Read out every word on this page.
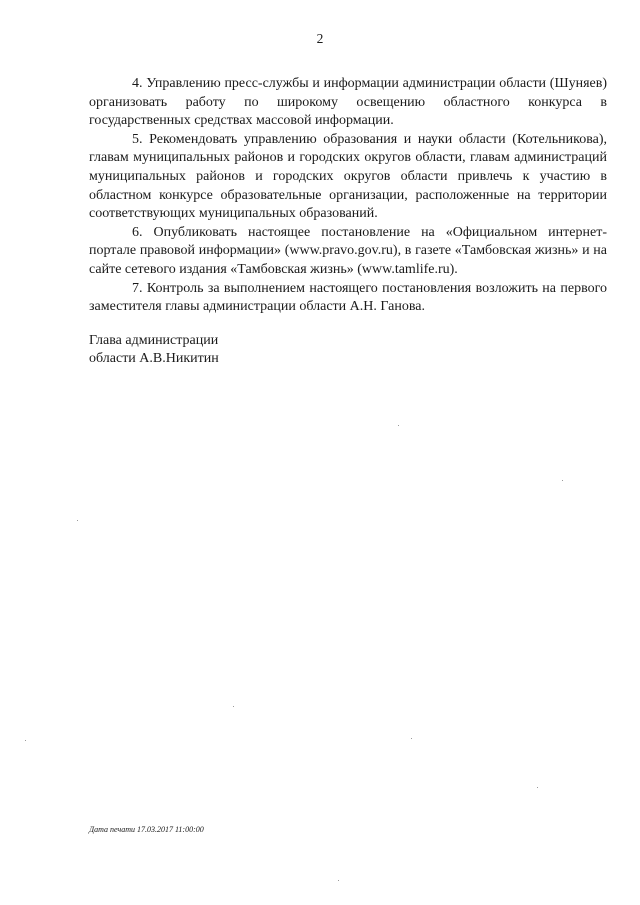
2

4. Управлению пресс-службы и информации администрации области (Шуняев) организовать работу по широкому освещению областного конкурса в государственных средствах массовой информации.

5. Рекомендовать управлению образования и науки области (Котельникова), главам муниципальных районов и городских округов области, главам администраций муниципальных районов и городских округов области привлечь к участию в областном конкурсе образовательные организации, расположенные на территории соответствующих муниципальных образований.

6. Опубликовать настоящее постановление на «Официальном интернет-портале правовой информации» (www.pravo.gov.ru), в газете «Тамбовская жизнь» и на сайте сетевого издания «Тамбовская жизнь» (www.tamlife.ru).

7. Контроль за выполнением настоящего постановления возложить на первого заместителя главы администрации области А.Н. Ганова.

Глава администрации
области А.В.Никитин
Дата печати 17.03.2017 11:00:00
